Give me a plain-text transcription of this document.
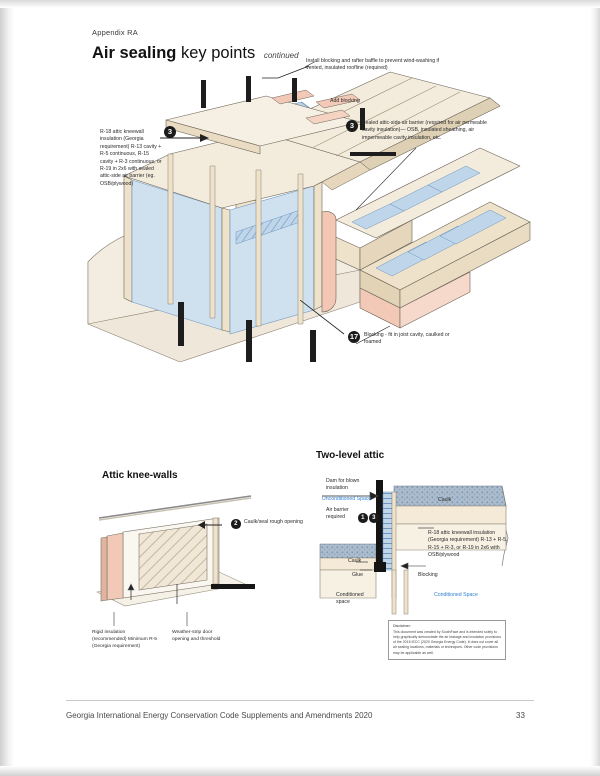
Appendix RA
Air sealing key points continued
Install blocking and rafter baffle to prevent wind-washing if vented, insulated roofline (required)
Add blocking
R-18 attic kneewall insulation (Georgia requirement) R-13 cavity + R-5 continuous, R-15 cavity + R-3 continuous, or R-19 in 2x6 with sealed attic-side air barrier (eg. OSB/plywood)
3
3	Sealed attic-side air barrier (required for air permeable cavity insulation)— OSB, insulated sheathing, air impermeable cavity insulation, etc.
17	Blocking - fit in joist cavity, caulked or foamed
Attic knee-walls
2	Caulk/seal rough opening
Rigid insulation (recommended) Minimum R-5 (Georgia requirement)
Weather-strip door opening and threshold
Two-level attic
Dam for blown insulation
Unconditioned Space	Caulk
Air barrier required	1	3
R-18 attic kneewall insulation (Georgia requirement) R-13 + R-5, R-15 + R-3, or R-19 in 2x6 with OSB/plywood
Caulk
Glue	Blocking
Conditioned space
Conditioned Space
Disclaimer:
This document was created by SouthFace and is intended solely to help graphically demonstrate the air leakage and insulation provisions of the 2015 IECC (2020 Georgia Energy Code). It does not cover all air sealing locations, materials or techniques. Other code provisions may be applicable as well.
Georgia International Energy Conservation Code Supplements and Amendments 2020	33
